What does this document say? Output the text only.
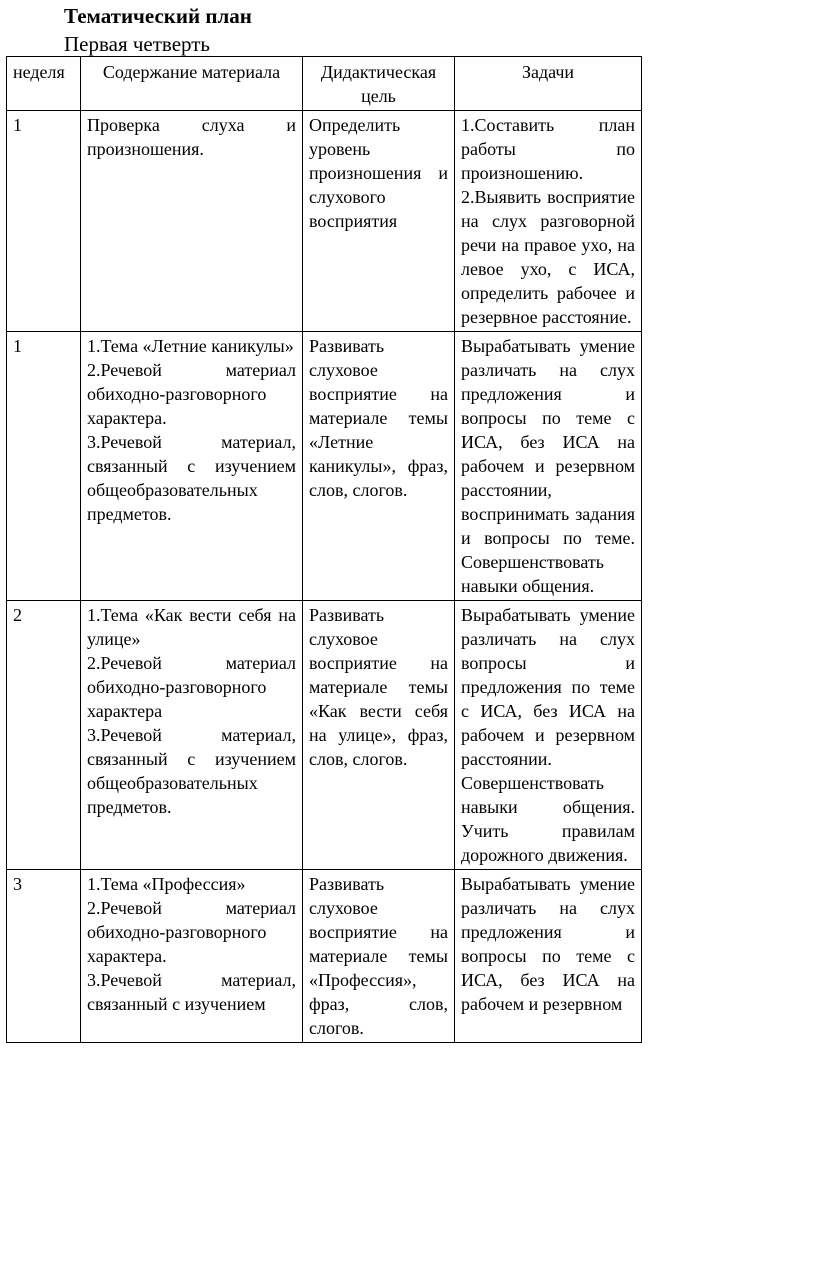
Тематический план
Первая четверть
неделя	Содержание материала	Дидактическая цель	Задачи
1	Проверка слуха и произношения.	Определить уровень произношения и слухового восприятия	1.Составить план работы по произношению.
2.Выявить восприятие на слух разговорной речи на правое ухо, на левое ухо, с ИСА, определить рабочее и резервное расстояние.

1	1.Тема «Летние каникулы»
2.Речевой материал обиходно-разговорного характера.
3.Речевой материал, связанный с изучением общеобразовательных предметов.	Развивать слуховое восприятие на материале темы «Летние каникулы», фраз, слов, слогов.	Вырабатывать умение различать на слух предложения и вопросы по теме с ИСА, без ИСА на рабочем и резервном расстоянии, воспринимать задания и вопросы по теме. Совершенствовать навыки общения.

2	1.Тема «Как вести себя на улице»
2.Речевой материал обиходно-разговорного характера
3.Речевой материал, связанный с изучением общеобразовательных предметов.	Развивать слуховое восприятие на материале темы «Как вести себя на улице», фраз, слов, слогов.	Вырабатывать умение различать на слух вопросы и предложения по теме с ИСА, без ИСА на рабочем и резервном расстоянии. Совершенствовать навыки общения. Учить правилам дорожного движения.

3	1.Тема «Профессия»
2.Речевой материал обиходно-разговорного характера.
3.Речевой материал, связанный с изучением	Развивать слуховое восприятие на материале темы «Профессия», фраз, слов, слогов.	Вырабатывать умение различать на слух предложения и вопросы по теме с ИСА, без ИСА на рабочем и резервном
